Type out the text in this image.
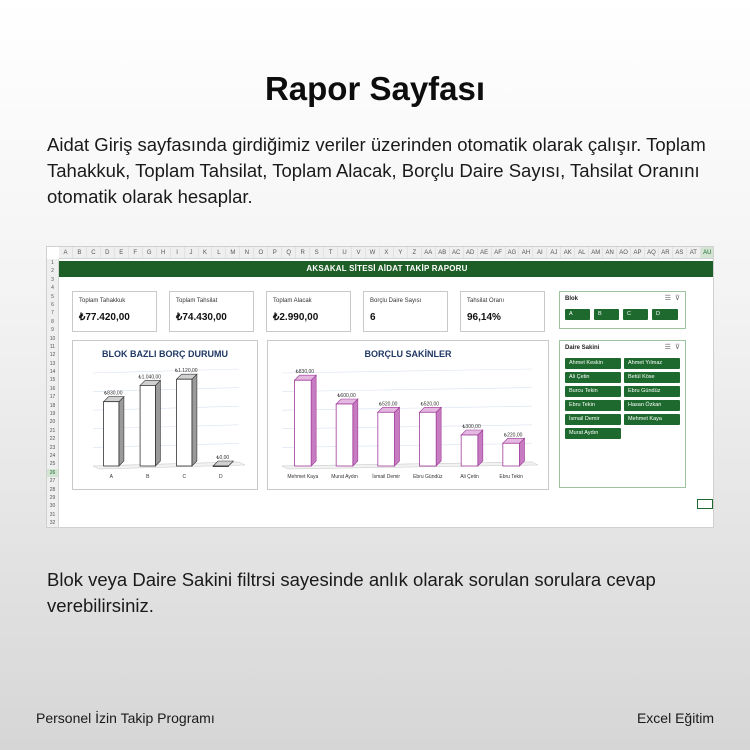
Rapor Sayfası
Aidat Giriş sayfasında girdiğimiz veriler üzerinden otomatik olarak çalışır. Toplam Tahakkuk, Toplam Tahsilat, Toplam Alacak, Borçlu Daire Sayısı, Tahsilat Oranını otomatik olarak hesaplar.
A	B	C	D	E	F	G	H	I	J	K	L	M	N	O	P	Q	R	S	T	U	V	W	X	Y	Z	AA AB AC AD AE	AF AG AH	AI	AJ	AK	AL AM AN AO AP AQ AR AS	AT	AU
1
2
3
4
5
6
7
8
9
10
11
12
13
14
15
16
17
18
19
20
21
22
23
24
25
26
27
28
29
30
31
32
AKSAKAL SİTESİ AİDAT TAKİP RAPORU
Toplam Tahakkuk
₺77.420,00
Toplam Tahsilat
₺74.430,00
Toplam Alacak
₺2.990,00
Borçlu Daire Sayısı
6
Tahsilat Oranı
96,14%
BLOK BAZLI BORÇ DURUMU
₺830,00
A
₺1.040,00
B
₺1.120,00
C
₺0,00
D
BORÇLU SAKİNLER
₺830,00
Mehmet Kaya
₺600,00
Murat Aydın
₺520,00
İsmail Demir
₺520,00
Ebru Gündüz
₺300,00
Ali Çetin
₺220,00
Ebru Tekin
Blok	☰ ⊽
A	B	C	D
Daire Sakini	☰ ⊽
Ahmet Keskin	Ahmet Yılmaz
Ali Çetin	Betül Köse
Burcu Tekin	Ebru Gündüz
Ebru Tekin	Hasan Özkan
İsmail Demir	Mehmet Kaya
Murat Aydın
Blok veya Daire Sakini filtrsi sayesinde anlık olarak sorulan sorulara cevap verebilirsiniz.
Personel İzin Takip Programı	Excel Eğitim
